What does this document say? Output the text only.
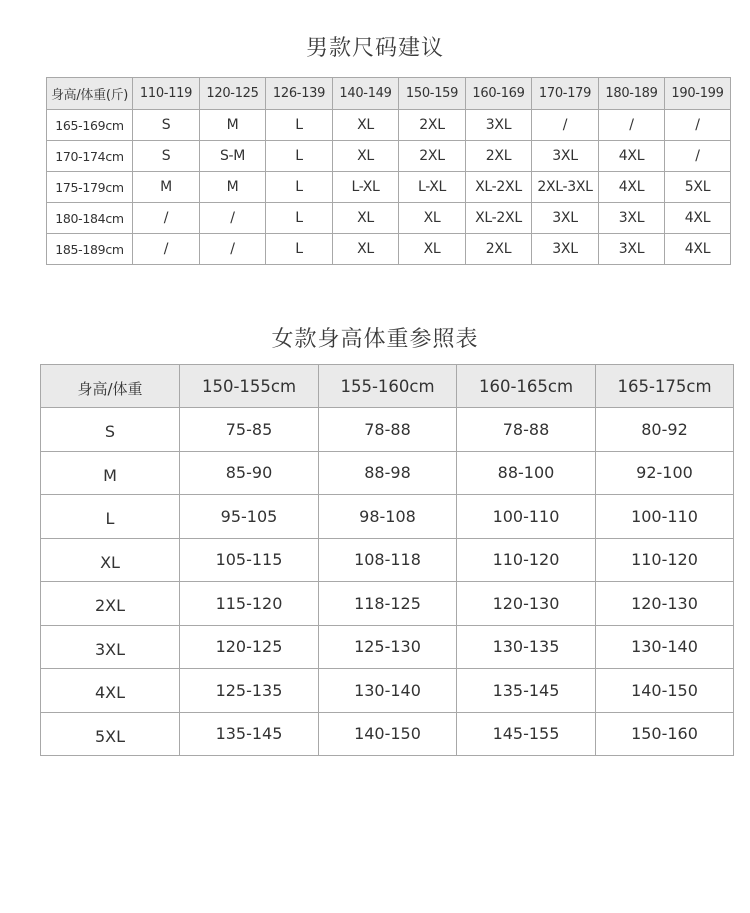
男款尺码建议
身高/体重(斤)	110-119	120-125	126-139	140-149	150-159	160-169	170-179	180-189	190-199
165-169cm	S	M	L	XL	2XL	3XL	/	/	/
170-174cm	S	S-M	L	XL	2XL	2XL	3XL	4XL	/
175-179cm	M	M	L	L-XL	L-XL	XL-2XL	2XL-3XL	4XL	5XL
180-184cm	/	/	L	XL	XL	XL-2XL	3XL	3XL	4XL
185-189cm	/	/	L	XL	XL	2XL	3XL	3XL	4XL
女款身高体重参照表
身高/体重	150-155cm	155-160cm	160-165cm	165-175cm
S	75-85	78-88	78-88	80-92
M	85-90	88-98	88-100	92-100
L	95-105	98-108	100-110	100-110
XL	105-115	108-118	110-120	110-120
2XL	115-120	118-125	120-130	120-130
3XL	120-125	125-130	130-135	130-140
4XL	125-135	130-140	135-145	140-150
5XL	135-145	140-150	145-155	150-160
